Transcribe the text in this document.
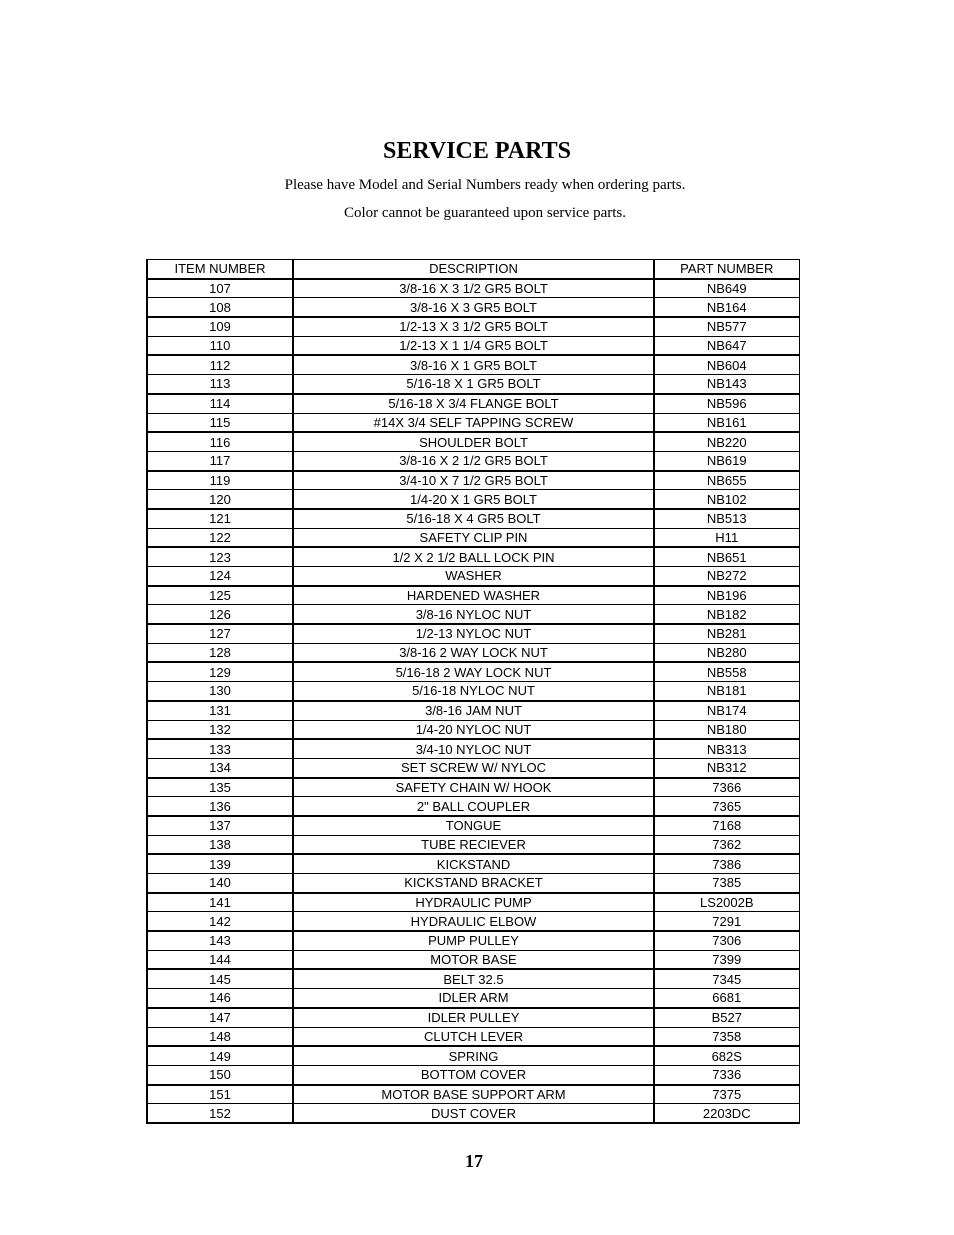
SERVICE PARTS
Please have Model and Serial Numbers ready when ordering parts.
Color cannot be guaranteed upon service parts.
ITEM NUMBER	DESCRIPTION	PART NUMBER
107	3/8-16 X 3 1/2 GR5 BOLT	NB649
108	3/8-16 X 3 GR5 BOLT	NB164
109	1/2-13 X 3 1/2 GR5 BOLT	NB577
110	1/2-13 X 1 1/4 GR5 BOLT	NB647
112	3/8-16 X 1 GR5 BOLT	NB604
113	5/16-18 X 1 GR5 BOLT	NB143
114	5/16-18 X 3/4 FLANGE BOLT	NB596
115	#14X 3/4 SELF TAPPING SCREW	NB161
116	SHOULDER BOLT	NB220
117	3/8-16 X 2 1/2 GR5 BOLT	NB619
119	3/4-10 X 7 1/2 GR5 BOLT	NB655
120	1/4-20 X 1 GR5 BOLT	NB102
121	5/16-18 X 4 GR5 BOLT	NB513
122	SAFETY CLIP PIN	H11
123	1/2 X 2 1/2 BALL LOCK PIN	NB651
124	WASHER	NB272
125	HARDENED WASHER	NB196
126	3/8-16 NYLOC NUT	NB182
127	1/2-13 NYLOC NUT	NB281
128	3/8-16 2 WAY LOCK NUT	NB280
129	5/16-18 2 WAY LOCK NUT	NB558
130	5/16-18 NYLOC NUT	NB181
131	3/8-16 JAM NUT	NB174
132	1/4-20 NYLOC NUT	NB180
133	3/4-10 NYLOC NUT	NB313
134	SET SCREW W/ NYLOC	NB312
135	SAFETY CHAIN W/ HOOK	7366
136	2" BALL COUPLER	7365
137	TONGUE	7168
138	TUBE RECIEVER	7362
139	KICKSTAND	7386
140	KICKSTAND BRACKET	7385
141	HYDRAULIC PUMP	LS2002B
142	HYDRAULIC ELBOW	7291
143	PUMP PULLEY	7306
144	MOTOR BASE	7399
145	BELT 32.5	7345
146	IDLER ARM	6681
147	IDLER PULLEY	B527
148	CLUTCH LEVER	7358
149	SPRING	682S
150	BOTTOM COVER	7336
151	MOTOR BASE SUPPORT ARM	7375
152	DUST COVER	2203DC
17
